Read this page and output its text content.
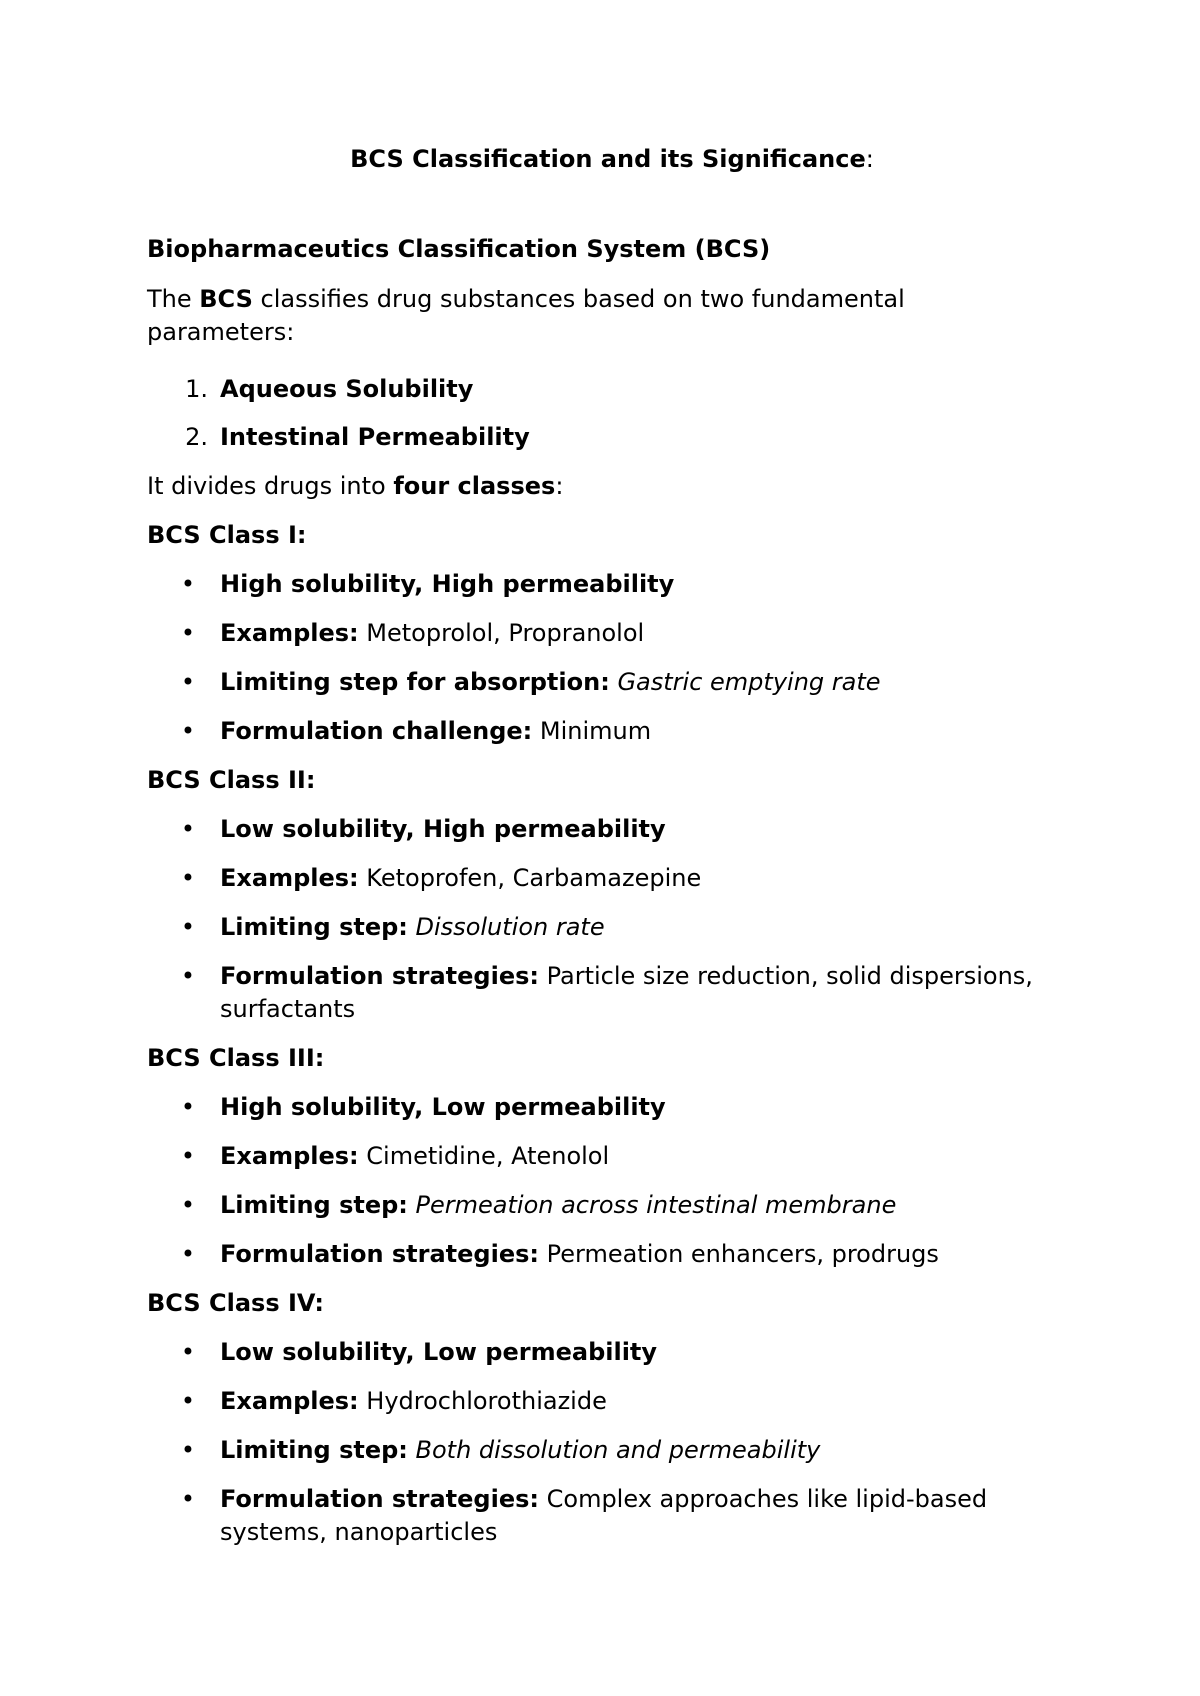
BCS Classification and its Significance:
Biopharmaceutics Classification System (BCS)

The BCS classifies drug substances based on two fundamental parameters:

1. Aqueous Solubility
2. Intestinal Permeability

It divides drugs into four classes:

BCS Class I:
• High solubility, High permeability
• Examples: Metoprolol, Propranolol
• Limiting step for absorption: Gastric emptying rate
• Formulation challenge: Minimum
BCS Class II:
• Low solubility, High permeability
• Examples: Ketoprofen, Carbamazepine
• Limiting step: Dissolution rate
• Formulation strategies: Particle size reduction, solid dispersions, surfactants
BCS Class III:
• High solubility, Low permeability
• Examples: Cimetidine, Atenolol
• Limiting step: Permeation across intestinal membrane
• Formulation strategies: Permeation enhancers, prodrugs
BCS Class IV:
• Low solubility, Low permeability
• Examples: Hydrochlorothiazide
• Limiting step: Both dissolution and permeability
• Formulation strategies: Complex approaches like lipid-based systems, nanoparticles
